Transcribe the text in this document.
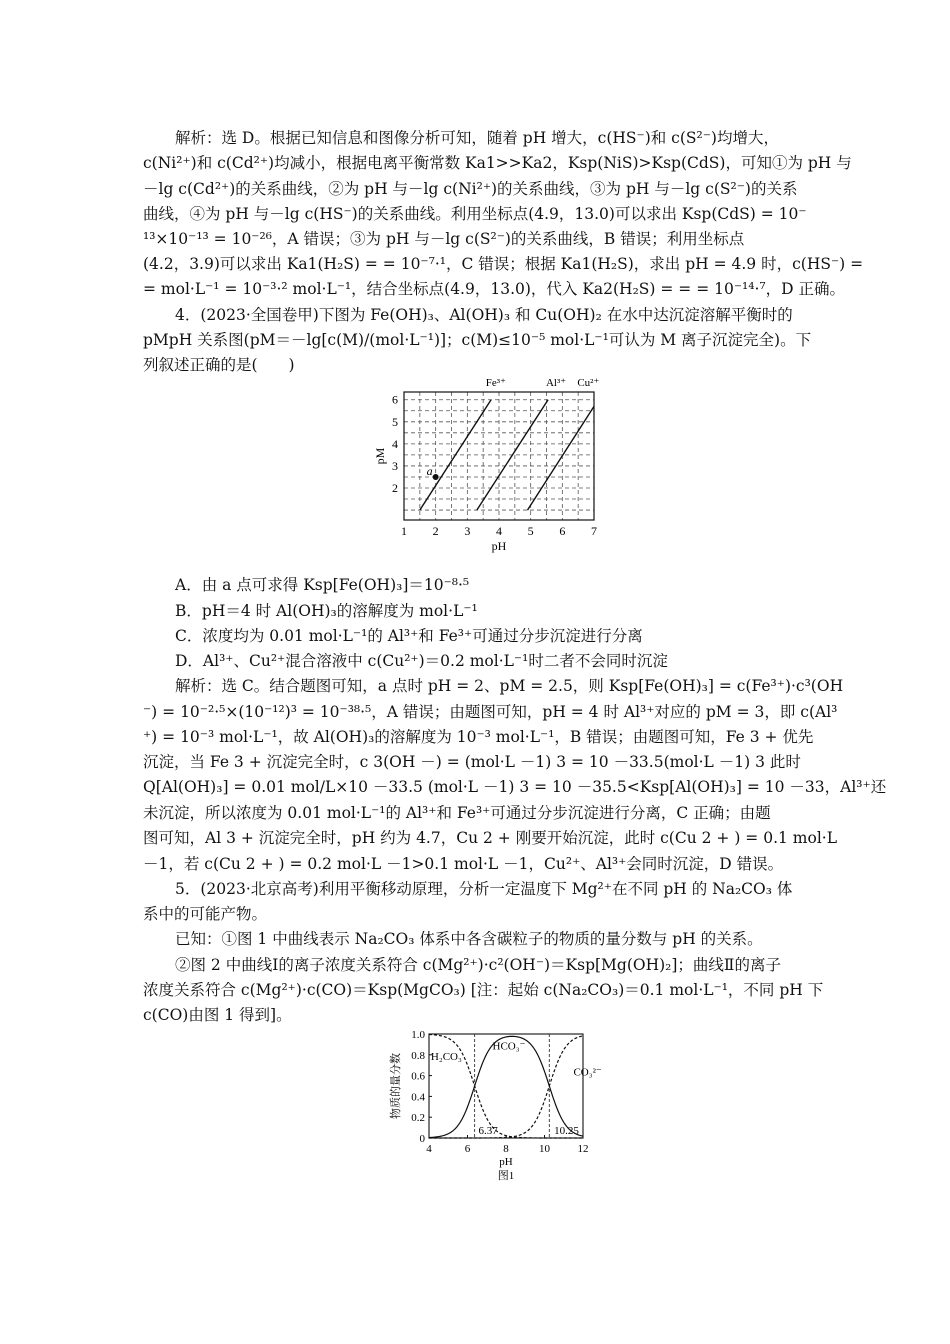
解析：选 D。根据已知信息和图像分析可知，随着 pH 增大，c(HS⁻)和 c(S²⁻)均增大，
c(Ni²⁺)和 c(Cd²⁺)均减小，根据电离平衡常数 Ka1>>Ka2，Ksp(NiS)>Ksp(CdS)，可知①为 pH 与
－lg c(Cd²⁺)的关系曲线，②为 pH 与－lg c(Ni²⁺)的关系曲线，③为 pH 与－lg c(S²⁻)的关系
曲线，④为 pH 与－lg c(HS⁻)的关系曲线。利用坐标点(4.9，13.0)可以求出 Ksp(CdS) = 10⁻
¹³×10⁻¹³ = 10⁻²⁶，A 错误；③为 pH 与－lg c(S²⁻)的关系曲线，B 错误；利用坐标点
(4.2，3.9)可以求出 Ka1(H₂S) = = 10⁻⁷·¹，C 错误；根据 Ka1(H₂S)，求出 pH = 4.9 时，c(HS⁻) =
= mol·L⁻¹ = 10⁻³·² mol·L⁻¹，结合坐标点(4.9，13.0)，代入 Ka2(H₂S) = = = 10⁻¹⁴·⁷，D 正确。
4．(2023·全国卷甲)下图为 Fe(OH)₃、Al(OH)₃ 和 Cu(OH)₂ 在水中达沉淀溶解平衡时的
pMpH 关系图(pM＝－lg[c(M)/(mol·L⁻¹)]；c(M)≤10⁻⁵ mol·L⁻¹可认为 M 离子沉淀完全)。下
列叙述正确的是(　　)
1 2 3 4 5 6 7
2
3
4
5
6
pH
pM
Fe³⁺	Al³⁺ Cu²⁺
a
A．由 a 点可求得 Ksp[Fe(OH)₃]＝10⁻⁸·⁵
B．pH＝4 时 Al(OH)₃的溶解度为 mol·L⁻¹
C．浓度均为 0.01 mol·L⁻¹的 Al³⁺和 Fe³⁺可通过分步沉淀进行分离
D．Al³⁺、Cu²⁺混合溶液中 c(Cu²⁺)＝0.2 mol·L⁻¹时二者不会同时沉淀
解析：选 C。结合题图可知，a 点时 pH = 2、pM = 2.5，则 Ksp[Fe(OH)₃] = c(Fe³⁺)·c³(OH
⁻) = 10⁻²·⁵×(10⁻¹²)³ = 10⁻³⁸·⁵，A 错误；由题图可知，pH = 4 时 Al³⁺对应的 pM = 3，即 c(Al³
⁺) = 10⁻³ mol·L⁻¹，故 Al(OH)₃的溶解度为 10⁻³ mol·L⁻¹，B 错误；由题图可知，Fe 3 + 优先
沉淀，当 Fe 3 + 沉淀完全时，c 3(OH －) = (mol·L －1) 3 = 10 －33.5(mol·L －1) 3 此时
Q[Al(OH)₃] = 0.01 mol/L×10 －33.5 (mol·L －1) 3 = 10 －35.5<Ksp[Al(OH)₃] = 10 －33，Al³⁺还
未沉淀，所以浓度为 0.01 mol·L⁻¹的 Al³⁺和 Fe³⁺可通过分步沉淀进行分离，C 正确；由题
图可知，Al 3 + 沉淀完全时，pH 约为 4.7，Cu 2 + 刚要开始沉淀，此时 c(Cu 2 + ) = 0.1 mol·L
－1，若 c(Cu 2 + ) = 0.2 mol·L －1>0.1 mol·L －1，Cu²⁺、Al³⁺会同时沉淀，D 错误。
5．(2023·北京高考)利用平衡移动原理，分析一定温度下 Mg²⁺在不同 pH 的 Na₂CO₃ 体
系中的可能产物。
已知：①图 1 中曲线表示 Na₂CO₃ 体系中各含碳粒子的物质的量分数与 pH 的关系。
②图 2 中曲线Ⅰ的离子浓度关系符合 c(Mg²⁺)·c²(OH⁻)＝Ksp[Mg(OH)₂]；曲线Ⅱ的离子
浓度关系符合 c(Mg²⁺)·c(CO)＝Ksp(MgCO₃) [注：起始 c(Na₂CO₃)＝0.1 mol·L⁻¹，不同 pH 下
c(CO)由图 1 得到]。
4	6	8	10	12
0
0.2
0.4
0.6
0.8
1.0
pH
图1
物质的量分数
6.37	10.25
H₂CO₃
HCO₃⁻
CO₃²⁻
